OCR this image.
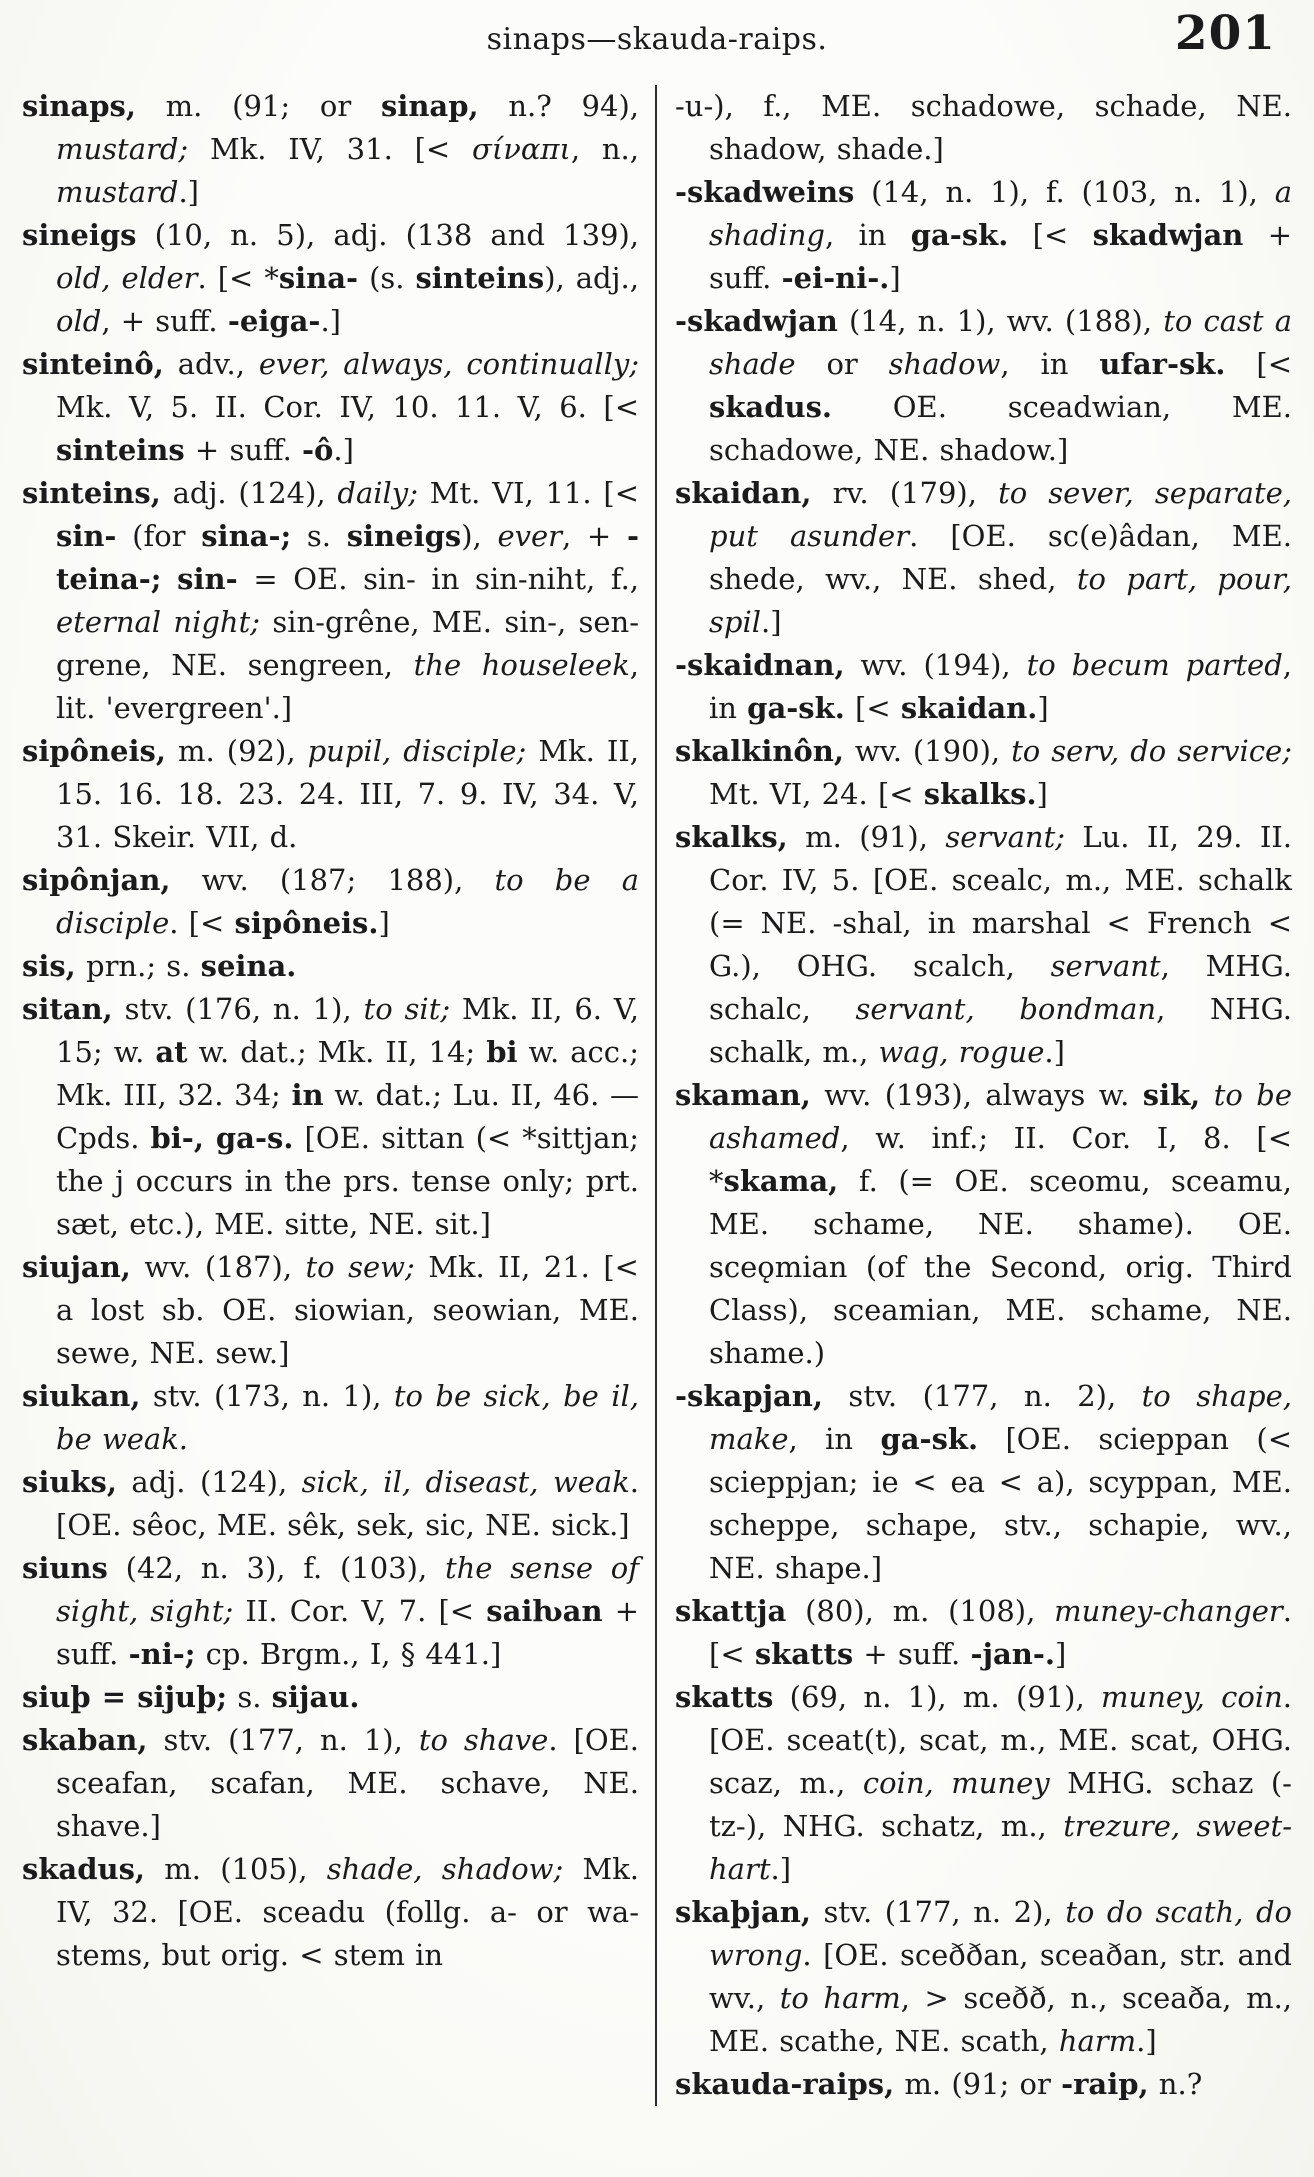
sinaps—skauda-raips.	201

sinaps, m. (91; or sinap, n.? 94), mustard; Mk. IV, 31. [< σίναπι, n., mustard.]

sineigs (10, n. 5), adj. (138 and 139), old, elder. [< *sina- (s. sinteins), adj., old, + suff. -eiga-.]

sinteinô, adv., ever, always, continually; Mk. V, 5. II. Cor. IV, 10. 11. V, 6. [< sinteins + suff. -ô.]

sinteins, adj. (124), daily; Mt. VI, 11. [< sin- (for sina-; s. sineigs), ever, + -teina-; sin- = OE. sin- in sin-niht, f., eternal night; sin-grêne, ME. sin-, sen-grene, NE. sengreen, the houseleek, lit. 'evergreen'.]

sipôneis, m. (92), pupil, disciple; Mk. II, 15. 16. 18. 23. 24. III, 7. 9. IV, 34. V, 31. Skeir. VII, d.

sipônjan, wv. (187; 188), to be a disciple. [< sipôneis.]

sis, prn.; s. seina.

sitan, stv. (176, n. 1), to sit; Mk. II, 6. V, 15; w. at w. dat.; Mk. II, 14; bi w. acc.; Mk. III, 32. 34; in w. dat.; Lu. II, 46. — Cpds. bi-, ga-s. [OE. sittan (< *sittjan; the j occurs in the prs. tense only; prt. sæt, etc.), ME. sitte, NE. sit.]

siujan, wv. (187), to sew; Mk. II, 21. [< a lost sb. OE. siowian, seowian, ME. sewe, NE. sew.]

siukan, stv. (173, n. 1), to be sick, be il, be weak.

siuks, adj. (124), sick, il, diseast, weak. [OE. sêoc, ME. sêk, sek, sic, NE. sick.]

siuns (42, n. 3), f. (103), the sense of sight, sight; II. Cor. V, 7. [< saiƕan + suff. -ni-; cp. Brgm., I, § 441.]

siuþ = sijuþ; s. sijau.

skaban, stv. (177, n. 1), to shave. [OE. sceafan, scafan, ME. schave, NE. shave.]

skadus, m. (105), shade, shadow; Mk. IV, 32. [OE. sceadu (follg. a- or wa-stems, but orig. < stem in

-u-), f., ME. schadowe, schade, NE. shadow, shade.]

-skadweins (14, n. 1), f. (103, n. 1), a shading, in ga-sk. [< skadwjan + suff. -ei-ni-.]

-skadwjan (14, n. 1), wv. (188), to cast a shade or shadow, in ufar-sk. [< skadus. OE. sceadwian, ME. schadowe, NE. shadow.]

skaidan, rv. (179), to sever, separate, put asunder. [OE. sc(e)âdan, ME. shede, wv., NE. shed, to part, pour, spil.]

-skaidnan, wv. (194), to becum parted, in ga-sk. [< skaidan.]

skalkinôn, wv. (190), to serv, do service; Mt. VI, 24. [< skalks.]

skalks, m. (91), servant; Lu. II, 29. II. Cor. IV, 5. [OE. scealc, m., ME. schalk (= NE. -shal, in marshal < French < G.), OHG. scalch, servant, MHG. schalc, servant, bondman, NHG. schalk, m., wag, rogue.]

skaman, wv. (193), always w. sik, to be ashamed, w. inf.; II. Cor. I, 8. [< *skama, f. (= OE. sceomu, sceamu, ME. schame, NE. shame). OE. sceǫmian (of the Second, orig. Third Class), sceamian, ME. schame, NE. shame.)

-skapjan, stv. (177, n. 2), to shape, make, in ga-sk. [OE. scieppan (< scieppjan; ie < ea < a), scyppan, ME. scheppe, schape, stv., schapie, wv., NE. shape.]

skattja (80), m. (108), muney-changer. [< skatts + suff. -jan-.]

skatts (69, n. 1), m. (91), muney, coin. [OE. sceat(t), scat, m., ME. scat, OHG. scaz, m., coin, muney MHG. schaz (-tz-), NHG. schatz, m., trezure, sweet-hart.]

skaþjan, stv. (177, n. 2), to do scath, do wrong. [OE. sceððan, sceaðan, str. and wv., to harm, > sceðð, n., sceaða, m., ME. scathe, NE. scath, harm.]

skauda-raips, m. (91; or -raip, n.?
